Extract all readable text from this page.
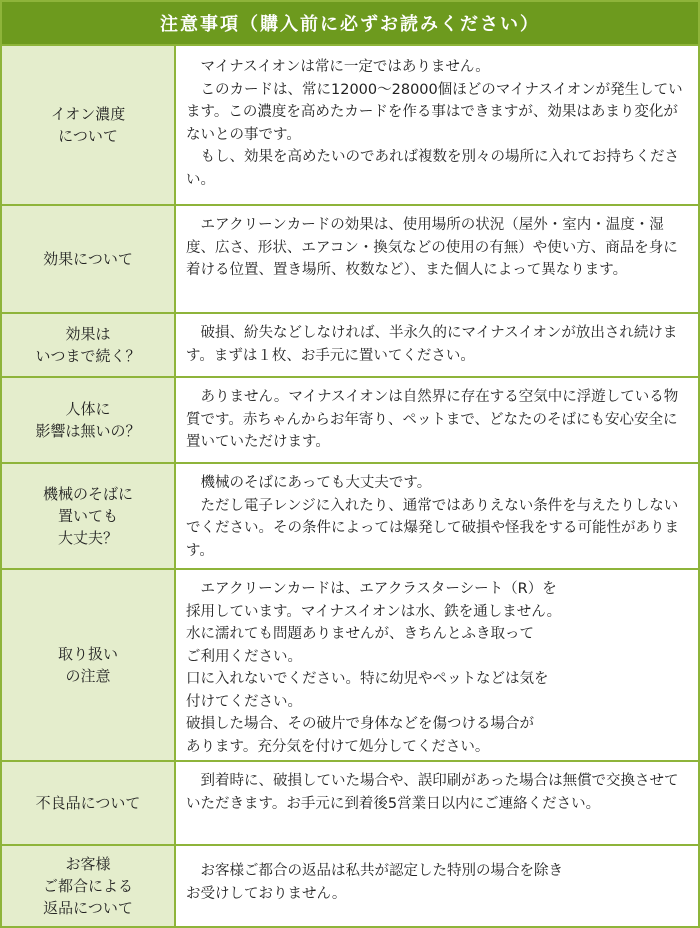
注意事項（購入前に必ずお読みください）
イオン濃度
について
　マイナスイオンは常に一定ではありません。
　このカードは、常に12000～28000個ほどのマイナスイオンが発生しています。この濃度を高めたカードを作る事はできますが、効果はあまり変化がないとの事です。
　もし、効果を高めたいのであれば複数を別々の場所に入れてお持ちください。
効果について
　エアクリーンカードの効果は、使用場所の状況（屋外・室内・温度・湿度、広さ、形状、エアコン・換気などの使用の有無）や使い方、商品を身に着ける位置、置き場所、枚数など）、また個人によって異なります。
効果は
いつまで続く？
　破損、紛失などしなければ、半永久的にマイナスイオンが放出され続けます。まずは１枚、お手元に置いてください。
人体に
影響は無いの？
　ありません。マイナスイオンは自然界に存在する空気中に浮遊している物質です。赤ちゃんからお年寄り、ペットまで、どなたのそばにも安心安全に置いていただけます。
機械のそばに
置いても
大丈夫？
　機械のそばにあっても大丈夫です。
　ただし電子レンジに入れたり、通常ではありえない条件を与えたりしないでください。その条件によっては爆発して破損や怪我をする可能性があります。
取り扱い
の注意
　エアクリーンカードは、エアクラスターシート（R）を
採用しています。マイナスイオンは水、鉄を通しません。
水に濡れても問題ありませんが、きちんとふき取って
ご利用ください。
口に入れないでください。特に幼児やペットなどは気を
付けてください。
破損した場合、その破片で身体などを傷つける場合が
あります。充分気を付けて処分してください。
不良品について
　到着時に、破損していた場合や、誤印刷があった場合は無償で交換させていただきます。お手元に到着後5営業日以内にご連絡ください。
お客様
ご都合による
返品について
　お客様ご都合の返品は私共が認定した特別の場合を除き
お受けしておりません。
